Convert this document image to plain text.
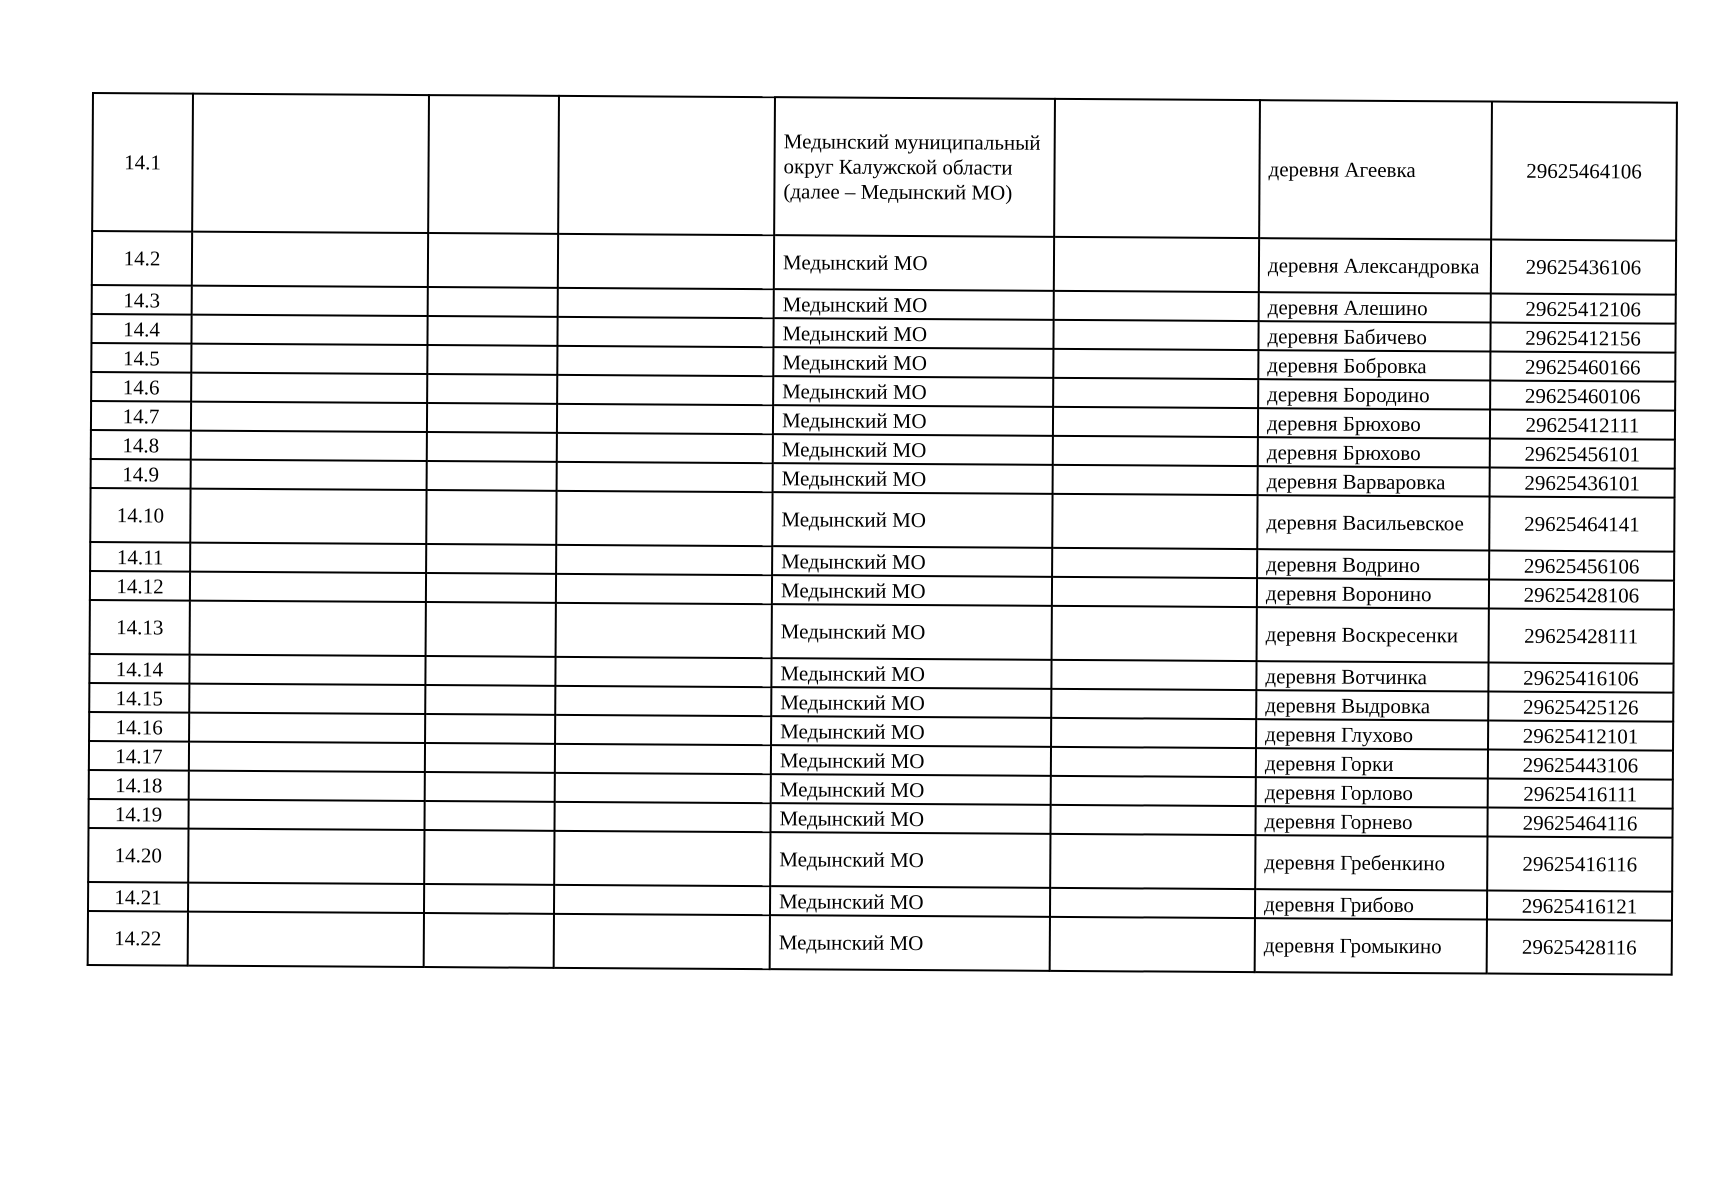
14.1				Медынский муниципальный округ Калужской области (далее – Медынский МО)		деревня Агеевка	29625464106
14.2				Медынский МО		деревня Александровка	29625436106
14.3				Медынский МО		деревня Алешино	29625412106
14.4				Медынский МО		деревня Бабичево	29625412156
14.5				Медынский МО		деревня Бобровка	29625460166
14.6				Медынский МО		деревня Бородино	29625460106
14.7				Медынский МО		деревня Брюхово	29625412111
14.8				Медынский МО		деревня Брюхово	29625456101
14.9				Медынский МО		деревня Варваровка	29625436101
14.10				Медынский МО		деревня Васильевское	29625464141
14.11				Медынский МО		деревня Водрино	29625456106
14.12				Медынский МО		деревня Воронино	29625428106
14.13				Медынский МО		деревня Воскресенки	29625428111
14.14				Медынский МО		деревня Вотчинка	29625416106
14.15				Медынский МО		деревня Выдровка	29625425126
14.16				Медынский МО		деревня Глухово	29625412101
14.17				Медынский МО		деревня Горки	29625443106
14.18				Медынский МО		деревня Горлово	29625416111
14.19				Медынский МО		деревня Горнево	29625464116
14.20				Медынский МО		деревня Гребенкино	29625416116
14.21				Медынский МО		деревня Грибово	29625416121
14.22				Медынский МО		деревня Громыкино	29625428116
